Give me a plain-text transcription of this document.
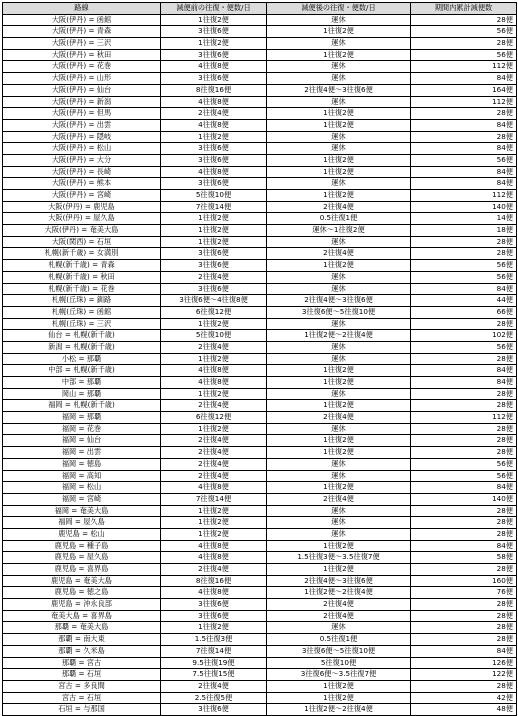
路線	減便前の往復・便数/日	減便後の往復・便数/日	期間内累計減便数
大阪(伊丹) = 函館	1往復2便	運休	28便
大阪(伊丹) = 青森	3往復6便	1往復2便	56便
大阪(伊丹) = 三沢	1往復2便	運休	28便
大阪(伊丹) = 秋田	3往復6便	1往復2便	56便
大阪(伊丹) = 花巻	4往復8便	運休	112便
大阪(伊丹) = 山形	3往復6便	運休	84便
大阪(伊丹) = 仙台	8往復16便	2往復4便～3往復6便	164便
大阪(伊丹) = 新潟	4往復8便	運休	112便
大阪(伊丹) = 但馬	2往復4便	1往復2便	28便
大阪(伊丹) = 出雲	4往復8便	1往復2便	84便
大阪(伊丹) = 隠岐	1往復2便	運休	28便
大阪(伊丹) = 松山	3往復6便	運休	84便
大阪(伊丹) = 大分	3往復6便	1往復2便	56便
大阪(伊丹) = 長崎	4往復8便	1往復2便	84便
大阪(伊丹) = 熊本	3往復6便	運休	84便
大阪(伊丹) = 宮崎	5往復10便	1往復2便	112便
大阪(伊丹) = 鹿児島	7往復14便	2往復4便	140便
大阪(伊丹) = 屋久島	1往復2便	0.5往復1便	14便
大阪(伊丹) = 奄美大島	1往復2便	運休～1往復2便	18便
大阪(関西) = 石垣	1往復2便	運休	28便
札幌(新千歳) = 女満別	3往復6便	2往復4便	28便
札幌(新千歳) = 青森	3往復6便	1往復2便	56便
札幌(新千歳) = 秋田	2往復4便	運休	56便
札幌(新千歳) = 花巻	3往復6便	運休	84便
札幌(丘珠) = 釧路	3往復6便～4往復8便	2往復4便～3往復6便	44便
札幌(丘珠) = 函館	6往復12便	3往復6便～5往復10便	66便
札幌(丘珠) = 三沢	1往復2便	運休	28便
仙台 = 札幌(新千歳)	5往復10便	1往復2便～2往復4便	102便
新潟 = 札幌(新千歳)	2往復4便	運休	56便
小松 = 那覇	1往復2便	運休	28便
中部 = 札幌(新千歳)	4往復8便	1往復2便	84便
中部 = 那覇	4往復8便	1往復2便	84便
岡山 = 那覇	1往復2便	運休	28便
福岡 = 札幌(新千歳)	2往復4便	1往復2便	28便
福岡 = 那覇	6往復12便	2往復4便	112便
福岡 = 花巻	1往復2便	運休	28便
福岡 = 仙台	2往復4便	1往復2便	28便
福岡 = 出雲	2往復4便	1往復2便	28便
福岡 = 徳島	2往復4便	運休	56便
福岡 = 高知	2往復4便	運休	56便
福岡 = 松山	4往復8便	1往復2便	84便
福岡 = 宮崎	7往復14便	2往復4便	140便
福岡 = 奄美大島	1往復2便	運休	28便
福岡 = 屋久島	1往復2便	運休	28便
鹿児島 = 松山	1往復2便	運休	28便
鹿児島 = 種子島	4往復8便	1往復2便	84便
鹿児島 = 屋久島	4往復8便	1.5往復3便～3.5往復7便	58便
鹿児島 = 喜界島	2往復4便	1往復2便	28便
鹿児島 = 奄美大島	8往復16便	2往復4便～3往復6便	160便
鹿児島 = 徳之島	4往復8便	1往復2便～2往復4便	76便
鹿児島 = 沖永良部	3往復6便	2往復4便	28便
奄美大島 = 喜界島	3往復6便	2往復4便	28便
那覇 = 奄美大島	1往復2便	運休	28便
那覇 = 南大東	1.5往復3便	0.5往復1便	28便
那覇 = 久米島	7往復14便	3往復6便～5往復10便	84便
那覇 = 宮古	9.5往復19便	5往復10便	126便
那覇 = 石垣	7.5往復15便	3往復6便～3.5往復7便	122便
宮古 = 多良間	2往復4便	1往復2便	28便
宮古 = 石垣	2.5往復5便	1往復2便	42便
石垣 = 与那国	3往復6便	1往復2便～2往復4便	48便
